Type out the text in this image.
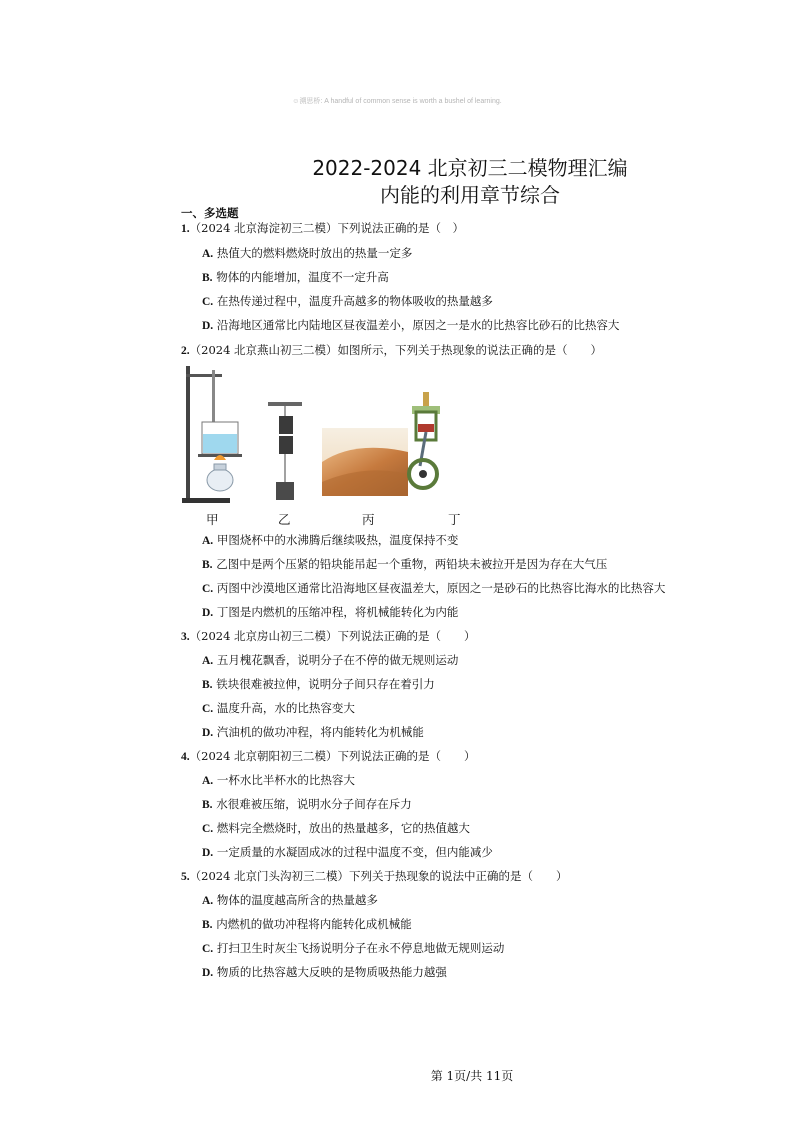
☺溯思桥: A handful of common sense is worth a bushel of learning.
2022-2024 北京初三二模物理汇编
内能的利用章节综合
一、多选题
1.（2024 北京海淀初三二模）下列说法正确的是（　）
A. 热值大的燃料燃烧时放出的热量一定多
B. 物体的内能增加，温度不一定升高
C. 在热传递过程中，温度升高越多的物体吸收的热量越多
D. 沿海地区通常比内陆地区昼夜温差小，原因之一是水的比热容比砂石的比热容大
2.（2024 北京燕山初三二模）如图所示，下列关于热现象的说法正确的是（　　）
甲	乙	丙	丁
A. 甲图烧杯中的水沸腾后继续吸热，温度保持不变
B. 乙图中是两个压紧的铅块能吊起一个重物，两铅块未被拉开是因为存在大气压
C. 丙图中沙漠地区通常比沿海地区昼夜温差大，原因之一是砂石的比热容比海水的比热容大
D. 丁图是内燃机的压缩冲程，将机械能转化为内能
3.（2024 北京房山初三二模）下列说法正确的是（　　）
A. 五月槐花飘香，说明分子在不停的做无规则运动
B. 铁块很难被拉伸，说明分子间只存在着引力
C. 温度升高，水的比热容变大
D. 汽油机的做功冲程，将内能转化为机械能
4.（2024 北京朝阳初三二模）下列说法正确的是（　　）
A. 一杯水比半杯水的比热容大
B. 水很难被压缩，说明水分子间存在斥力
C. 燃料完全燃烧时，放出的热量越多，它的热值越大
D. 一定质量的水凝固成冰的过程中温度不变，但内能减少
5.（2024 北京门头沟初三二模）下列关于热现象的说法中正确的是（　　）
A. 物体的温度越高所含的热量越多
B. 内燃机的做功冲程将内能转化成机械能
C. 打扫卫生时灰尘飞扬说明分子在永不停息地做无规则运动
D. 物质的比热容越大反映的是物质吸热能力越强
第 1页/共 11页
